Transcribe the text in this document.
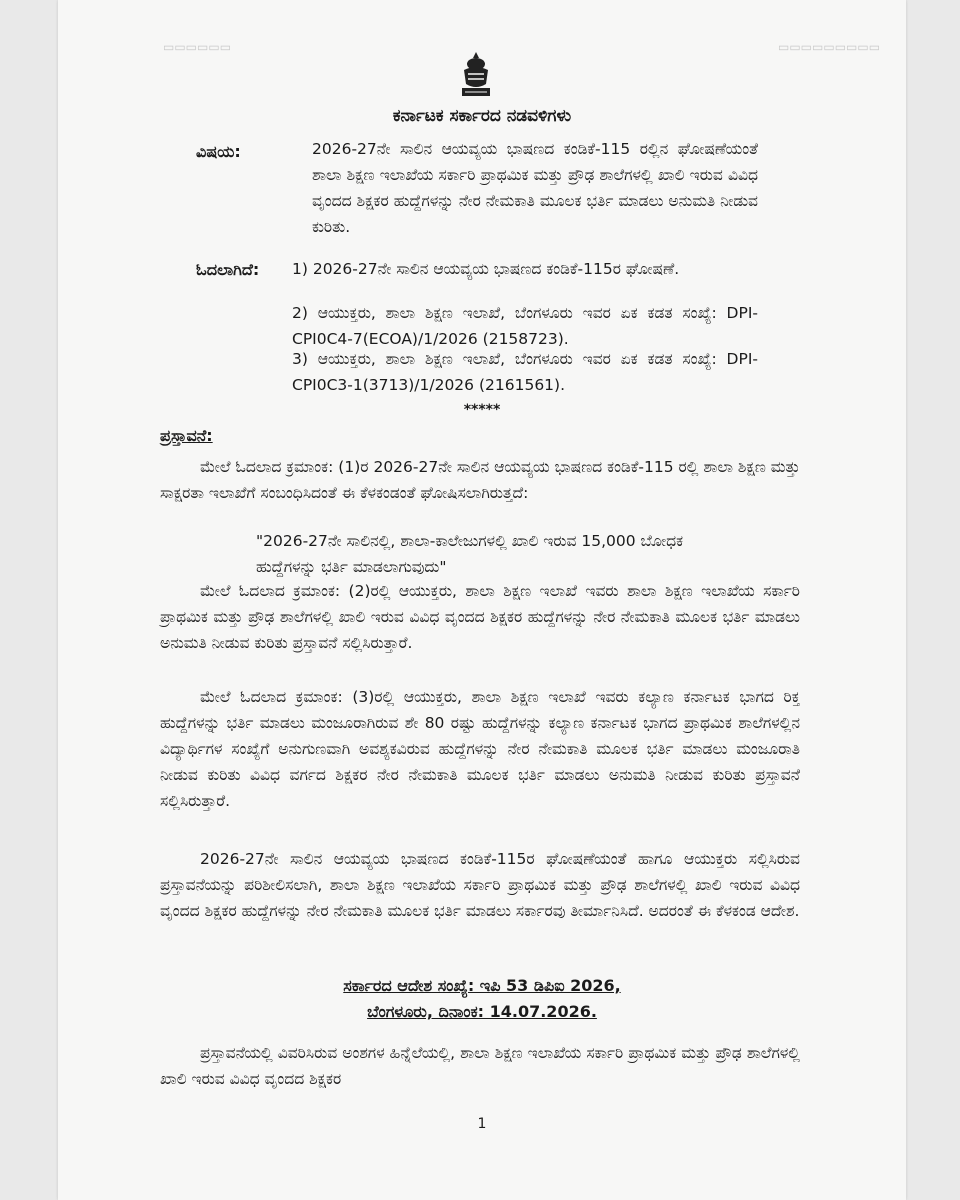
▭▭▭▭▭▭	▭▭▭▭▭▭▭▭▭
ಕರ್ನಾಟಕ ಸರ್ಕಾರದ ನಡವಳಿಗಳು
ವಿಷಯ:	2026-27ನೇ ಸಾಲಿನ ಆಯವ್ಯಯ ಭಾಷಣದ ಕಂಡಿಕೆ-115 ರಲ್ಲಿನ ಘೋಷಣೆಯಂತೆ ಶಾಲಾ ಶಿಕ್ಷಣ ಇಲಾಖೆಯ ಸರ್ಕಾರಿ ಪ್ರಾಥಮಿಕ ಮತ್ತು ಪ್ರೌಢ ಶಾಲೆಗಳಲ್ಲಿ ಖಾಲಿ ಇರುವ ವಿವಿಧ ವೃಂದದ ಶಿಕ್ಷಕರ ಹುದ್ದೆಗಳನ್ನು ನೇರ ನೇಮಕಾತಿ ಮೂಲಕ ಭರ್ತಿ ಮಾಡಲು ಅನುಮತಿ ನೀಡುವ ಕುರಿತು.
ಓದಲಾಗಿದೆ: 1) 2026-27ನೇ ಸಾಲಿನ ಆಯವ್ಯಯ ಭಾಷಣದ ಕಂಡಿಕೆ-115ರ ಘೋಷಣೆ.
2) ಆಯುಕ್ತರು, ಶಾಲಾ ಶಿಕ್ಷಣ ಇಲಾಖೆ, ಬೆಂಗಳೂರು ಇವರ ಏಕ ಕಡತ ಸಂಖ್ಯೆ: DPI-CPI0C4-7(ECOA)/1/2026 (2158723).
3) ಆಯುಕ್ತರು, ಶಾಲಾ ಶಿಕ್ಷಣ ಇಲಾಖೆ, ಬೆಂಗಳೂರು ಇವರ ಏಕ ಕಡತ ಸಂಖ್ಯೆ: DPI-CPI0C3-1(3713)/1/2026 (2161561).
*****
ಪ್ರಸ್ತಾವನೆ:
ಮೇಲೆ ಓದಲಾದ ಕ್ರಮಾಂಕ: (1)ರ 2026-27ನೇ ಸಾಲಿನ ಆಯವ್ಯಯ ಭಾಷಣದ ಕಂಡಿಕೆ-115 ರಲ್ಲಿ ಶಾಲಾ ಶಿಕ್ಷಣ ಮತ್ತು ಸಾಕ್ಷರತಾ ಇಲಾಖೆಗೆ ಸಂಬಂಧಿಸಿದಂತೆ ಈ ಕೆಳಕಂಡಂತೆ ಘೋಷಿಸಲಾಗಿರುತ್ತದೆ:
"2026-27ನೇ ಸಾಲಿನಲ್ಲಿ, ಶಾಲಾ-ಕಾಲೇಜುಗಳಲ್ಲಿ ಖಾಲಿ ಇರುವ 15,000 ಬೋಧಕ ಹುದ್ದೆಗಳನ್ನು ಭರ್ತಿ ಮಾಡಲಾಗುವುದು"
ಮೇಲೆ ಓದಲಾದ ಕ್ರಮಾಂಕ: (2)ರಲ್ಲಿ ಆಯುಕ್ತರು, ಶಾಲಾ ಶಿಕ್ಷಣ ಇಲಾಖೆ ಇವರು ಶಾಲಾ ಶಿಕ್ಷಣ ಇಲಾಖೆಯ ಸರ್ಕಾರಿ ಪ್ರಾಥಮಿಕ ಮತ್ತು ಪ್ರೌಢ ಶಾಲೆಗಳಲ್ಲಿ ಖಾಲಿ ಇರುವ ವಿವಿಧ ವೃಂದದ ಶಿಕ್ಷಕರ ಹುದ್ದೆಗಳನ್ನು ನೇರ ನೇಮಕಾತಿ ಮೂಲಕ ಭರ್ತಿ ಮಾಡಲು ಅನುಮತಿ ನೀಡುವ ಕುರಿತು ಪ್ರಸ್ತಾವನೆ ಸಲ್ಲಿಸಿರುತ್ತಾರೆ.
ಮೇಲೆ ಓದಲಾದ ಕ್ರಮಾಂಕ: (3)ರಲ್ಲಿ ಆಯುಕ್ತರು, ಶಾಲಾ ಶಿಕ್ಷಣ ಇಲಾಖೆ ಇವರು ಕಲ್ಯಾಣ ಕರ್ನಾಟಕ ಭಾಗದ ರಿಕ್ತ ಹುದ್ದೆಗಳನ್ನು ಭರ್ತಿ ಮಾಡಲು ಮಂಜೂರಾಗಿರುವ ಶೇ 80 ರಷ್ಟು ಹುದ್ದೆಗಳನ್ನು ಕಲ್ಯಾಣ ಕರ್ನಾಟಕ ಭಾಗದ ಪ್ರಾಥಮಿಕ ಶಾಲೆಗಳಲ್ಲಿನ ವಿದ್ಯಾರ್ಥಿಗಳ ಸಂಖ್ಯೆಗೆ ಅನುಗುಣವಾಗಿ ಅವಶ್ಯಕವಿರುವ ಹುದ್ದೆಗಳನ್ನು ನೇರ ನೇಮಕಾತಿ ಮೂಲಕ ಭರ್ತಿ ಮಾಡಲು ಮಂಜೂರಾತಿ ನೀಡುವ ಕುರಿತು ವಿವಿಧ ವರ್ಗದ ಶಿಕ್ಷಕರ ನೇರ ನೇಮಕಾತಿ ಮೂಲಕ ಭರ್ತಿ ಮಾಡಲು ಅನುಮತಿ ನೀಡುವ ಕುರಿತು ಪ್ರಸ್ತಾವನೆ ಸಲ್ಲಿಸಿರುತ್ತಾರೆ.
2026-27ನೇ ಸಾಲಿನ ಆಯವ್ಯಯ ಭಾಷಣದ ಕಂಡಿಕೆ-115ರ ಘೋಷಣೆಯಂತೆ ಹಾಗೂ ಆಯುಕ್ತರು ಸಲ್ಲಿಸಿರುವ ಪ್ರಸ್ತಾವನೆಯನ್ನು ಪರಿಶೀಲಿಸಲಾಗಿ, ಶಾಲಾ ಶಿಕ್ಷಣ ಇಲಾಖೆಯ ಸರ್ಕಾರಿ ಪ್ರಾಥಮಿಕ ಮತ್ತು ಪ್ರೌಢ ಶಾಲೆಗಳಲ್ಲಿ ಖಾಲಿ ಇರುವ ವಿವಿಧ ವೃಂದದ ಶಿಕ್ಷಕರ ಹುದ್ದೆಗಳನ್ನು ನೇರ ನೇಮಕಾತಿ ಮೂಲಕ ಭರ್ತಿ ಮಾಡಲು ಸರ್ಕಾರವು ತೀರ್ಮಾನಿಸಿದೆ. ಅದರಂತೆ ಈ ಕೆಳಕಂಡ ಆದೇಶ.
ಸರ್ಕಾರದ ಆದೇಶ ಸಂಖ್ಯೆ: ಇಪಿ 53 ಡಿಪಿಐ 2026,
ಬೆಂಗಳೂರು, ದಿನಾಂಕ: 14.07.2026.
ಪ್ರಸ್ತಾವನೆಯಲ್ಲಿ ವಿವರಿಸಿರುವ ಅಂಶಗಳ ಹಿನ್ನೆಲೆಯಲ್ಲಿ, ಶಾಲಾ ಶಿಕ್ಷಣ ಇಲಾಖೆಯ ಸರ್ಕಾರಿ ಪ್ರಾಥಮಿಕ ಮತ್ತು ಪ್ರೌಢ ಶಾಲೆಗಳಲ್ಲಿ ಖಾಲಿ ಇರುವ ವಿವಿಧ ವೃಂದದ ಶಿಕ್ಷಕರ
1
